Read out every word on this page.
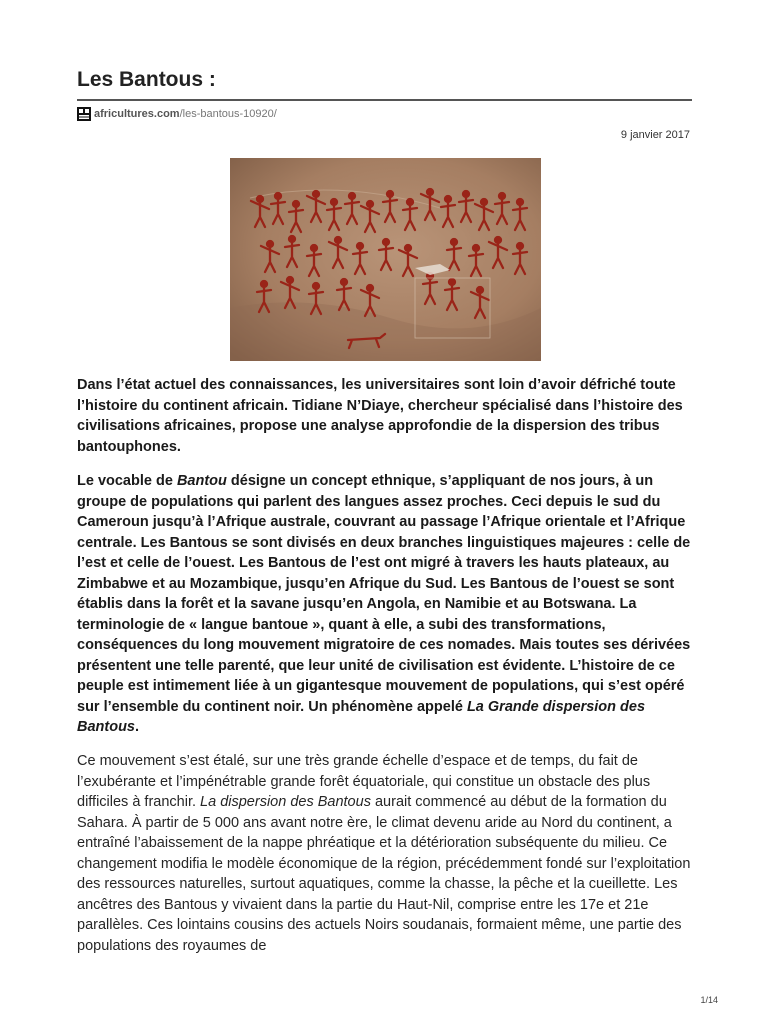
Les Bantous :
africultures.com /les-bantous-10920/
9 janvier 2017

Dans l’état actuel des connaissances, les universitaires sont loin d’avoir défriché toute l’histoire du continent africain. Tidiane N’Diaye, chercheur spécialisé dans l’histoire des civilisations africaines, propose une analyse approfondie de la dispersion des tribus bantouphones.

Le vocable de Bantou désigne un concept ethnique, s’appliquant de nos jours, à un groupe de populations qui parlent des langues assez proches. Ceci depuis le sud du Cameroun jusqu’à l’Afrique australe, couvrant au passage l’Afrique orientale et l’Afrique centrale. Les Bantous se sont divisés en deux branches linguistiques majeures : celle de l’est et celle de l’ouest. Les Bantous de l’est ont migré à travers les hauts plateaux, au Zimbabwe et au Mozambique, jusqu’en Afrique du Sud. Les Bantous de l’ouest se sont établis dans la forêt et la savane jusqu’en Angola, en Namibie et au Botswana. La terminologie de « langue bantoue », quant à elle, a subi des transformations, conséquences du long mouvement migratoire de ces nomades. Mais toutes ses dérivées présentent une telle parenté, que leur unité de civilisation est évidente. L’histoire de ce peuple est intimement liée à un gigantesque mouvement de populations, qui s’est opéré sur l’ensemble du continent noir. Un phénomène appelé La Grande dispersion des Bantous.

Ce mouvement s’est étalé, sur une très grande échelle d’espace et de temps, du fait de l’exubérante et l’impénétrable grande forêt équatoriale, qui constitue un obstacle des plus difficiles à franchir. La dispersion des Bantous aurait commencé au début de la formation du Sahara. À partir de 5 000 ans avant notre ère, le climat devenu aride au Nord du continent, a entraîné l’abaissement de la nappe phréatique et la détérioration subséquente du milieu. Ce changement modifia le modèle économique de la région, précédemment fondé sur l’exploitation des ressources naturelles, surtout aquatiques, comme la chasse, la pêche et la cueillette. Les ancêtres des Bantous y vivaient dans la partie du Haut-Nil, comprise entre les 17e et 21e parallèles. Ces lointains cousins des actuels Noirs soudanais, formaient même, une partie des populations des royaumes de

1/14
